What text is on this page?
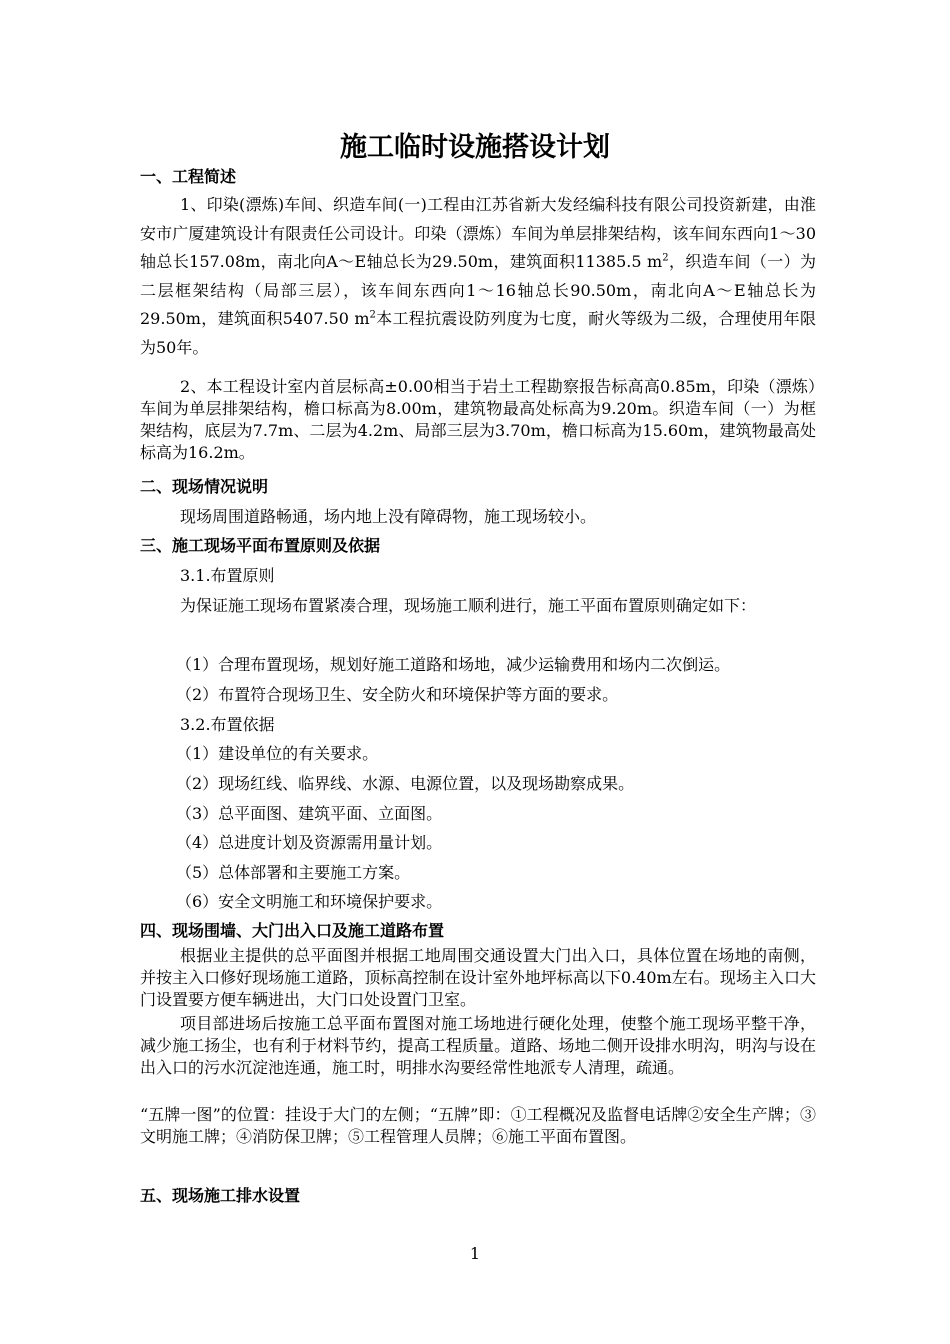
施工临时设施搭设计划
一、工程简述
1、印染(漂炼)车间、织造车间(一)工程由江苏省新大发经编科技有限公司投资新建，由淮安市广厦建筑设计有限责任公司设计。印染（漂炼）车间为单层排架结构，该车间东西向1～30轴总长157.08m，南北向A～E轴总长为29.50m，建筑面积11385.5 $m^2$，织造车间（一）为二层框架结构（局部三层），该车间东西向1～16轴总长90.50m，南北向A～E轴总长为29.50m，建筑面积5407.50 $m^2$本工程抗震设防列度为七度，耐火等级为二级，合理使用年限为50年。
2、本工程设计室内首层标高±0.00相当于岩土工程勘察报告标高高0.85m，印染（漂炼）车间为单层排架结构，檐口标高为8.00m，建筑物最高处标高为9.20m。织造车间（一）为框架结构，底层为7.7m、二层为4.2m、局部三层为3.70m，檐口标高为15.60m，建筑物最高处标高为16.2m。
二、现场情况说明
现场周围道路畅通，场内地上没有障碍物，施工现场较小。
三、施工现场平面布置原则及依据
3.1.布置原则
为保证施工现场布置紧凑合理，现场施工顺利进行，施工平面布置原则确定如下：
（1）合理布置现场，规划好施工道路和场地，减少运输费用和场内二次倒运。
（2）布置符合现场卫生、安全防火和环境保护等方面的要求。
3.2.布置依据
（1）建设单位的有关要求。
（2）现场红线、临界线、水源、电源位置，以及现场勘察成果。
（3）总平面图、建筑平面、立面图。
（4）总进度计划及资源需用量计划。
（5）总体部署和主要施工方案。
（6）安全文明施工和环境保护要求。
四、现场围墙、大门出入口及施工道路布置
根据业主提供的总平面图并根据工地周围交通设置大门出入口，具体位置在场地的南侧，并按主入口修好现场施工道路，顶标高控制在设计室外地坪标高以下0.40m左右。现场主入口大门设置要方便车辆进出，大门口处设置门卫室。
项目部进场后按施工总平面布置图对施工场地进行硬化处理，使整个施工现场平整干净，减少施工扬尘，也有利于材料节约，提高工程质量。道路、场地二侧开设排水明沟，明沟与设在出入口的污水沉淀池连通，施工时，明排水沟要经常性地派专人清理，疏通。
“五牌一图”的位置：挂设于大门的左侧；“五牌”即：①工程概况及监督电话牌②安全生产牌；③文明施工牌；④消防保卫牌；⑤工程管理人员牌；⑥施工平面布置图。
五、现场施工排水设置
1
